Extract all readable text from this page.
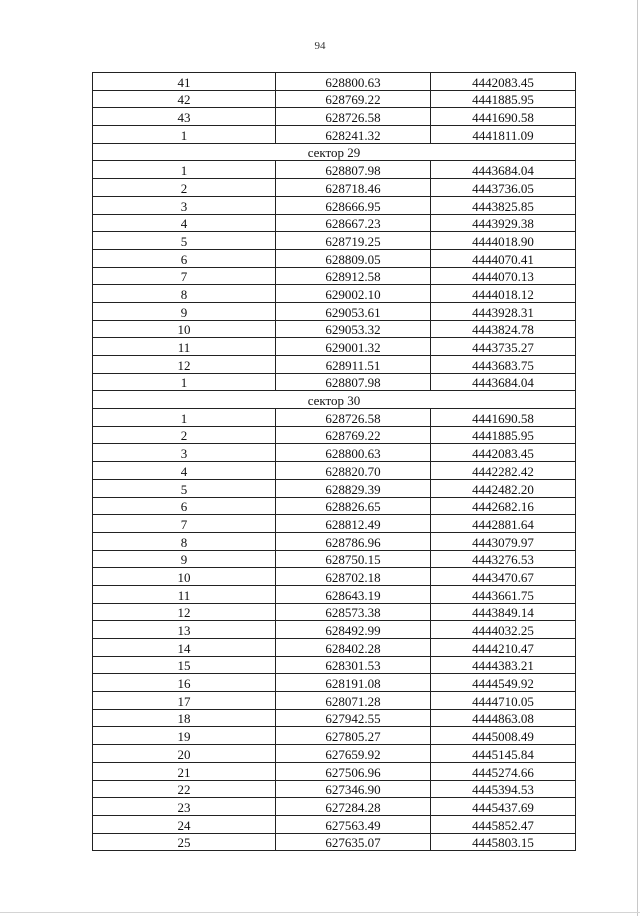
94
41	628800.63	4442083.45
42	628769.22	4441885.95
43	628726.58	4441690.58
1	628241.32	4441811.09
сектор 29		
1	628807.98	4443684.04
2	628718.46	4443736.05
3	628666.95	4443825.85
4	628667.23	4443929.38
5	628719.25	4444018.90
6	628809.05	4444070.41
7	628912.58	4444070.13
8	629002.10	4444018.12
9	629053.61	4443928.31
10	629053.32	4443824.78
11	629001.32	4443735.27
12	628911.51	4443683.75
1	628807.98	4443684.04
сектор 30		
1	628726.58	4441690.58
2	628769.22	4441885.95
3	628800.63	4442083.45
4	628820.70	4442282.42
5	628829.39	4442482.20
6	628826.65	4442682.16
7	628812.49	4442881.64
8	628786.96	4443079.97
9	628750.15	4443276.53
10	628702.18	4443470.67
11	628643.19	4443661.75
12	628573.38	4443849.14
13	628492.99	4444032.25
14	628402.28	4444210.47
15	628301.53	4444383.21
16	628191.08	4444549.92
17	628071.28	4444710.05
18	627942.55	4444863.08
19	627805.27	4445008.49
20	627659.92	4445145.84
21	627506.96	4445274.66
22	627346.90	4445394.53
23	627284.28	4445437.69
24	627563.49	4445852.47
25	627635.07	4445803.15
